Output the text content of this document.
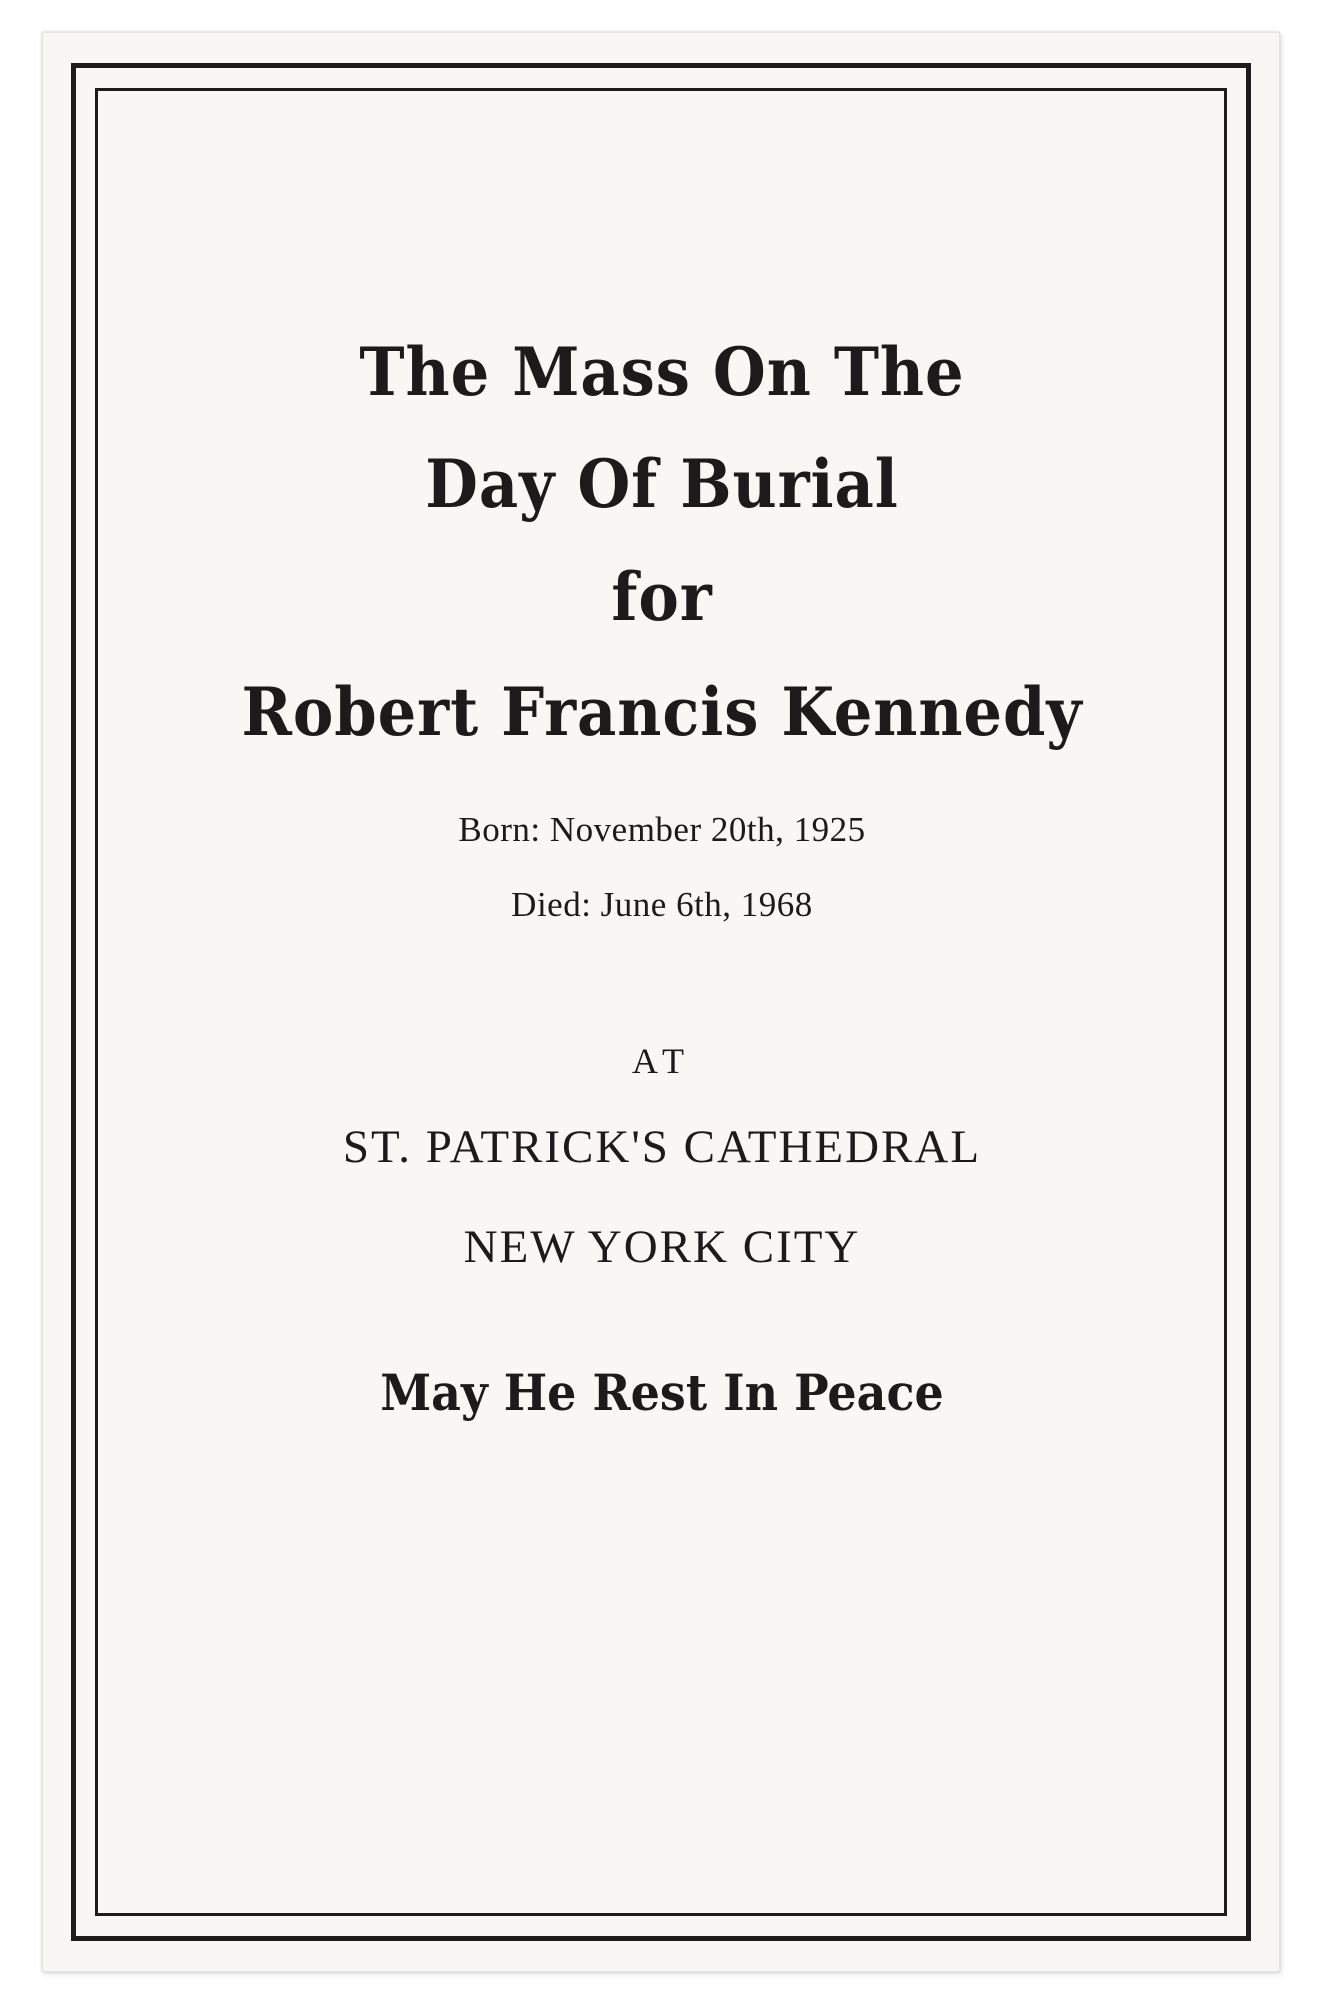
The Mass On The
Day Of Burial
for
Robert Francis Kennedy
Born: November 20th, 1925
Died: June 6th, 1968
AT
ST. PATRICK'S CATHEDRAL
NEW YORK CITY
May He Rest In Peace
